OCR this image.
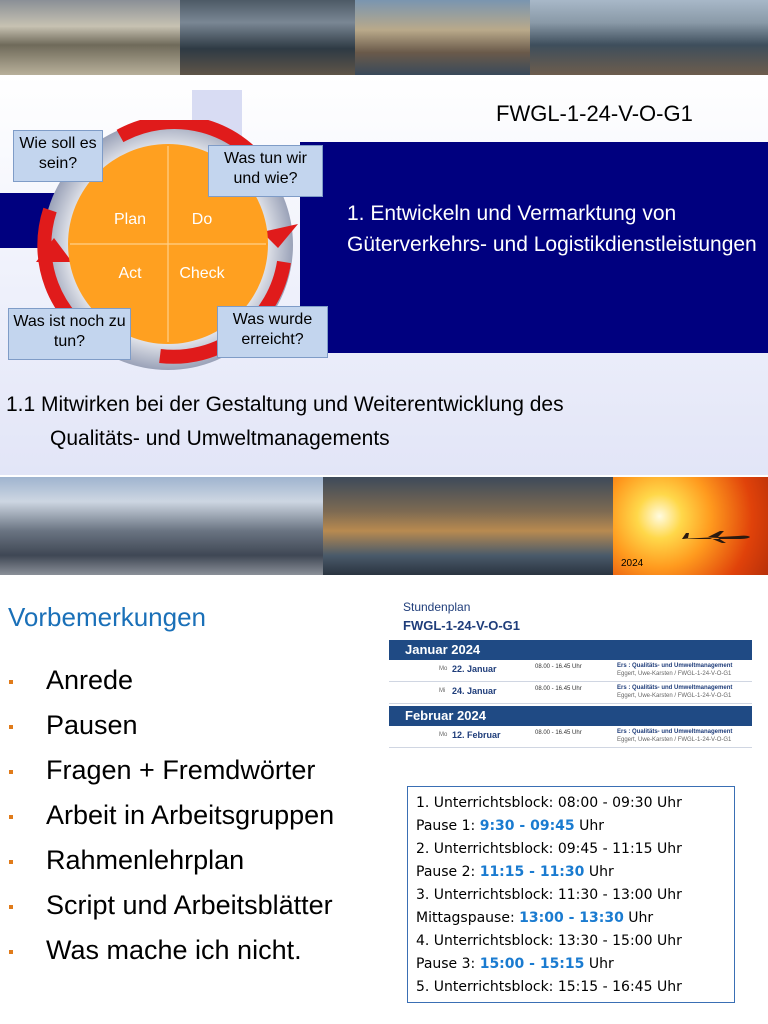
FWGL-1-24-V-O-G1
1. Entwickeln und Vermarktung von Güterverkehrs- und Logistikdienstleistungen
Plan	Do
Act Check
Wie soll es sein?	Was tun wir und wie?
Was ist noch zu tun?
Was wurde erreicht?
1.1 Mitwirken bei der Gestaltung und Weiterentwicklung des
Qualitäts- und Umweltmanagements
2024
Vorbemerkungen
Anrede
Pausen
Fragen + Fremdwörter
Arbeit in Arbeitsgruppen
Rahmenlehrplan
Script und Arbeitsblätter
Was mache ich nicht.
Stundenplan
FWGL-1-24-V-O-G1
Januar 2024
Mo 22. Januar	08.00 - 16.45 Uhr	Ers : Qualitäts- und Umweltmanagement
Eggert, Uwe-Karsten / FWGL-1-24-V-O-G1
Mi 24. Januar	08.00 - 16.45 Uhr	Ers : Qualitäts- und Umweltmanagement
Eggert, Uwe-Karsten / FWGL-1-24-V-O-G1
Februar 2024
Mo 12. Februar	08.00 - 16.45 Uhr	Ers : Qualitäts- und Umweltmanagement
Eggert, Uwe-Karsten / FWGL-1-24-V-O-G1
1. Unterrichtsblock: 08:00 - 09:30 Uhr
Pause 1: 9:30 - 09:45 Uhr
2. Unterrichtsblock: 09:45 - 11:15 Uhr
Pause 2: 11:15 - 11:30 Uhr
3. Unterrichtsblock: 11:30 - 13:00 Uhr
Mittagspause: 13:00 - 13:30 Uhr
4. Unterrichtsblock: 13:30 - 15:00 Uhr
Pause 3: 15:00 - 15:15 Uhr
5. Unterrichtsblock: 15:15 - 16:45 Uhr
